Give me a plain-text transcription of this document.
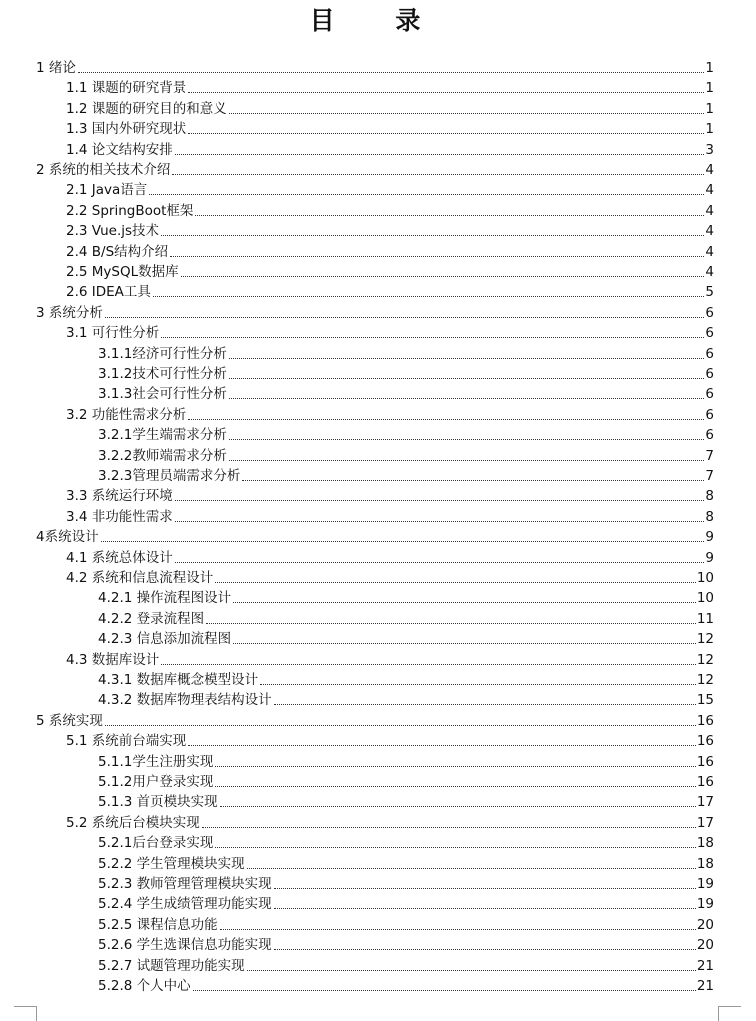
目 录
1 绪论	1
1.1 课题的研究背景	1
1.2 课题的研究目的和意义	1
1.3 国内外研究现状	1
1.4 论文结构安排	3
2 系统的相关技术介绍	4
2.1 Java语言	4
2.2 SpringBoot框架	4
2.3 Vue.js技术	4
2.4 B/S结构介绍	4
2.5 MySQL数据库	4
2.6 IDEA工具	5
3 系统分析	6
3.1 可行性分析	6
3.1.1经济可行性分析	6
3.1.2技术可行性分析	6
3.1.3社会可行性分析	6
3.2 功能性需求分析	6
3.2.1学生端需求分析	6
3.2.2教师端需求分析	7
3.2.3管理员端需求分析	7
3.3 系统运行环境	8
3.4 非功能性需求	8
4系统设计	9
4.1 系统总体设计	9
4.2 系统和信息流程设计	10
4.2.1 操作流程图设计	10
4.2.2 登录流程图	11
4.2.3 信息添加流程图	12
4.3 数据库设计	12
4.3.1 数据库概念模型设计	12
4.3.2 数据库物理表结构设计	15
5 系统实现	16
5.1 系统前台端实现	16
5.1.1学生注册实现	16
5.1.2用户登录实现	16
5.1.3 首页模块实现	17
5.2 系统后台模块实现	17
5.2.1后台登录实现	18
5.2.2 学生管理模块实现	18
5.2.3 教师管理管理模块实现	19
5.2.4 学生成绩管理功能实现	19
5.2.5 课程信息功能	20
5.2.6 学生选课信息功能实现	20
5.2.7 试题管理功能实现	21
5.2.8 个人中心	21
